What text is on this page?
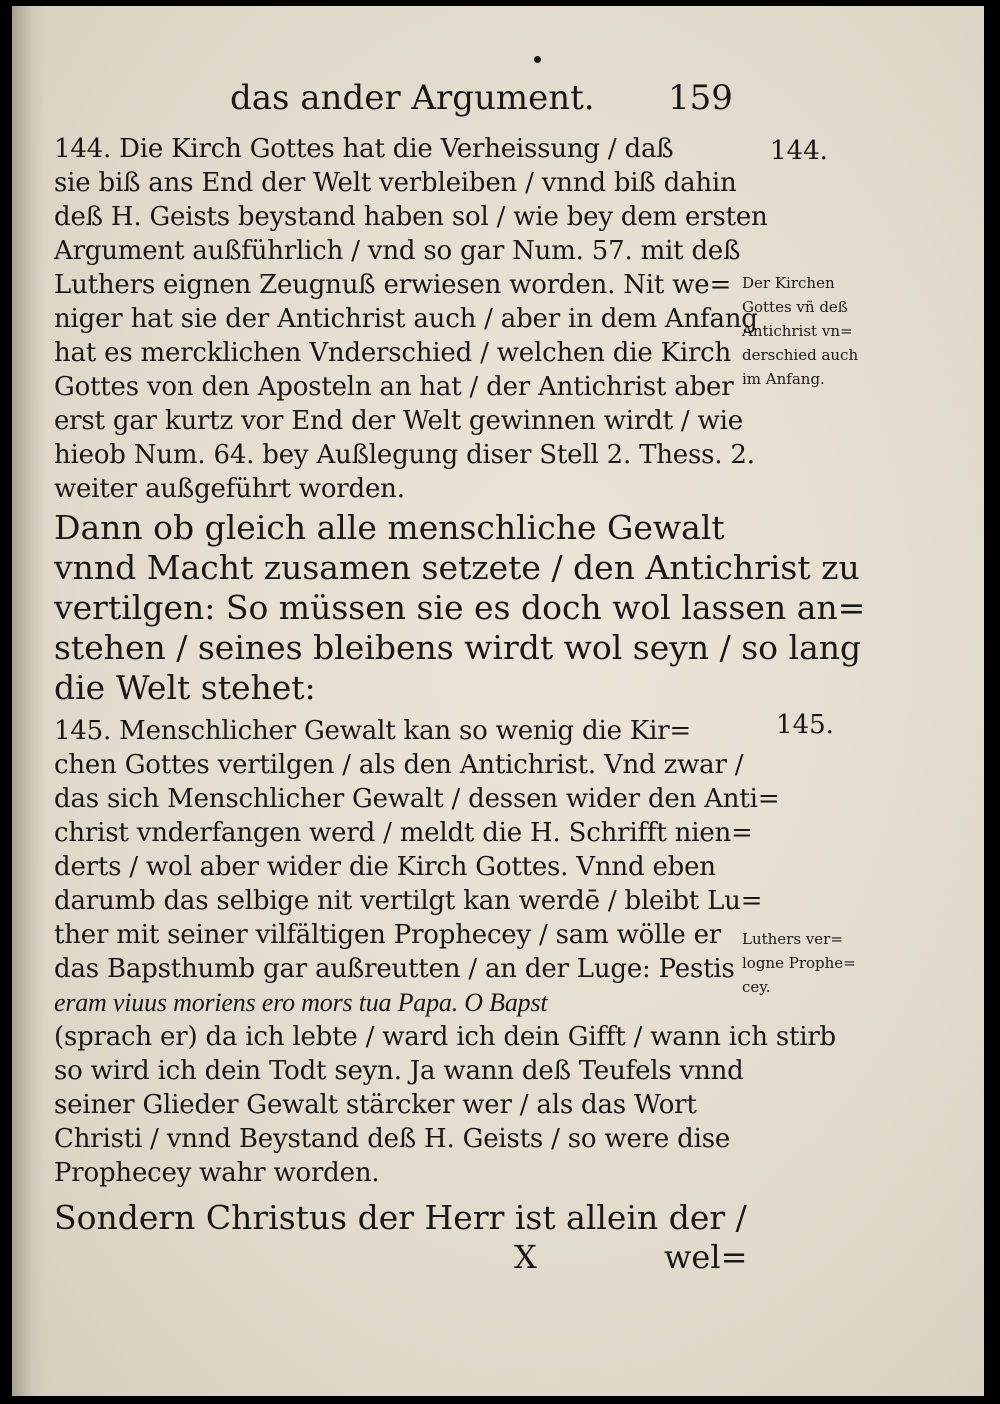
das ander Argument. 159
144. Die Kirch Gottes hat die Verheissung / daß
sie biß ans End der Welt verbleiben / vnnd biß dahin
deß H. Geists beystand haben sol / wie bey dem ersten
Argument außführlich / vnd so gar Num. 57. mit deß
Luthers eignen Zeugnuß erwiesen worden. Nit we=
niger hat sie der Antichrist auch / aber in dem Anfang
hat es mercklichen Vnderschied / welchen die Kirch
Gottes von den Aposteln an hat / der Antichrist aber
erst gar kurtz vor End der Welt gewinnen wirdt / wie
hieob Num. 64. bey Außlegung diser Stell 2. Thess. 2.
weiter außgeführt worden.
Dann ob gleich alle menschliche Gewalt
vnnd Macht zusamen setzete / den Antichrist zu
vertilgen: So müssen sie es doch wol lassen an=
stehen / seines bleibens wirdt wol seyn / so lang
die Welt stehet:
145. Menschlicher Gewalt kan so wenig die Kir=
chen Gottes vertilgen / als den Antichrist. Vnd zwar /
das sich Menschlicher Gewalt / dessen wider den Anti=
christ vnderfangen werd / meldt die H. Schrifft nien=
derts / wol aber wider die Kirch Gottes. Vnnd eben
darumb das selbige nit vertilgt kan werdē / bleibt Lu=
ther mit seiner vilfältigen Prophecey / sam wölle er
das Bapsthumb gar außreutten / an der Luge: Pestis
eram viuus moriens ero mors tua Papa. O Bapst
(sprach er) da ich lebte / ward ich dein Gifft / wann ich stirb
so wird ich dein Todt seyn. Ja wann deß Teufels vnnd
seiner Glieder Gewalt stärcker wer / als das Wort
Christi / vnnd Beystand deß H. Geists / so were dise
Prophecey wahr worden.
Sondern Christus der Herr ist allein der /
X	wel=
144.
Der Kirchen
Gottes vñ deß
Antichrist vn=
derschied auch
im Anfang.
145.
Luthers ver=
logne Prophe=
cey.
